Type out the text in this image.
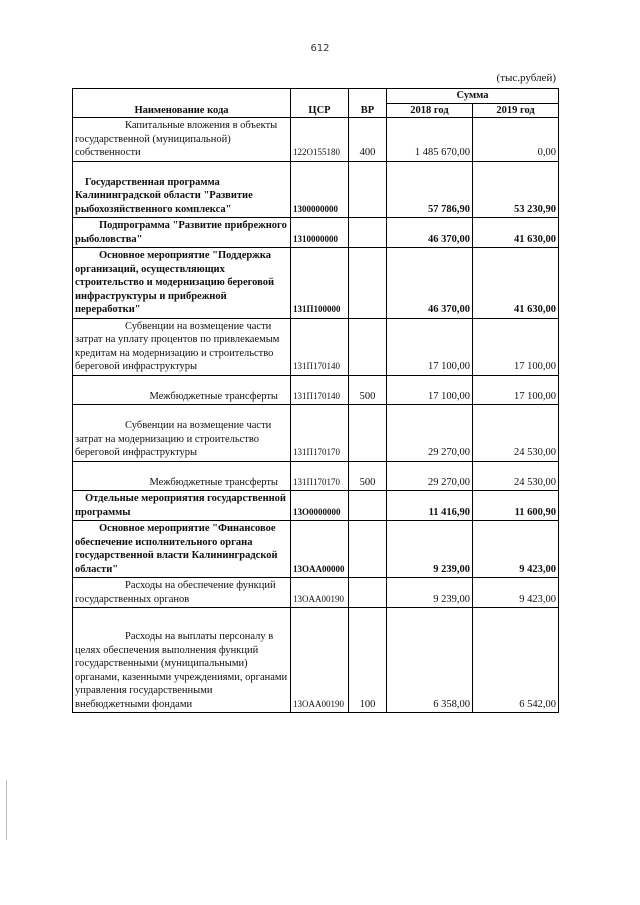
612
(тыс.рублей)
Наименование кода	ЦСР	ВР	Сумма	
			2018 год	2019 год
Капитальные вложения в объекты государственной (муниципальной) собственности	122O155180	400	1 485 670,00	0,00
Государственная программа Калининградской области "Развитие рыбохозяйственного комплекса"	1300000000		57 786,90	53 230,90
Подпрограмма "Развитие прибрежного рыболовства"	1310000000		46 370,00	41 630,00
Основное мероприятие "Поддержка организаций, осуществляющих строительство и модернизацию береговой инфраструктуры и прибрежной переработки"	131П100000		46 370,00	41 630,00
Субвенции на возмещение части затрат на уплату процентов по привлекаемым кредитам на модернизацию и строительство береговой инфраструктуры	131П170140		17 100,00	17 100,00
Межбюджетные трансферты	131П170140	500	17 100,00	17 100,00
Субвенции на возмещение части затрат на модернизацию и строительство береговой инфраструктуры	131П170170		29 270,00	24 530,00
Межбюджетные трансферты	131П170170	500	29 270,00	24 530,00
Отдельные мероприятия государственной программы	13O0000000		11 416,90	11 600,90
Основное мероприятие "Финансовое обеспечение исполнительного органа государственной власти Калининградской области"	13OАА00000		9 239,00	9 423,00
Расходы на обеспечение функций государственных органов	13OАА00190		9 239,00	9 423,00
Расходы на выплаты персоналу в целях обеспечения выполнения функций государственными (муниципальными) органами, казенными учреждениями, органами управления государственными внебюджетными фондами	13OАА00190	100	6 358,00	6 542,00
